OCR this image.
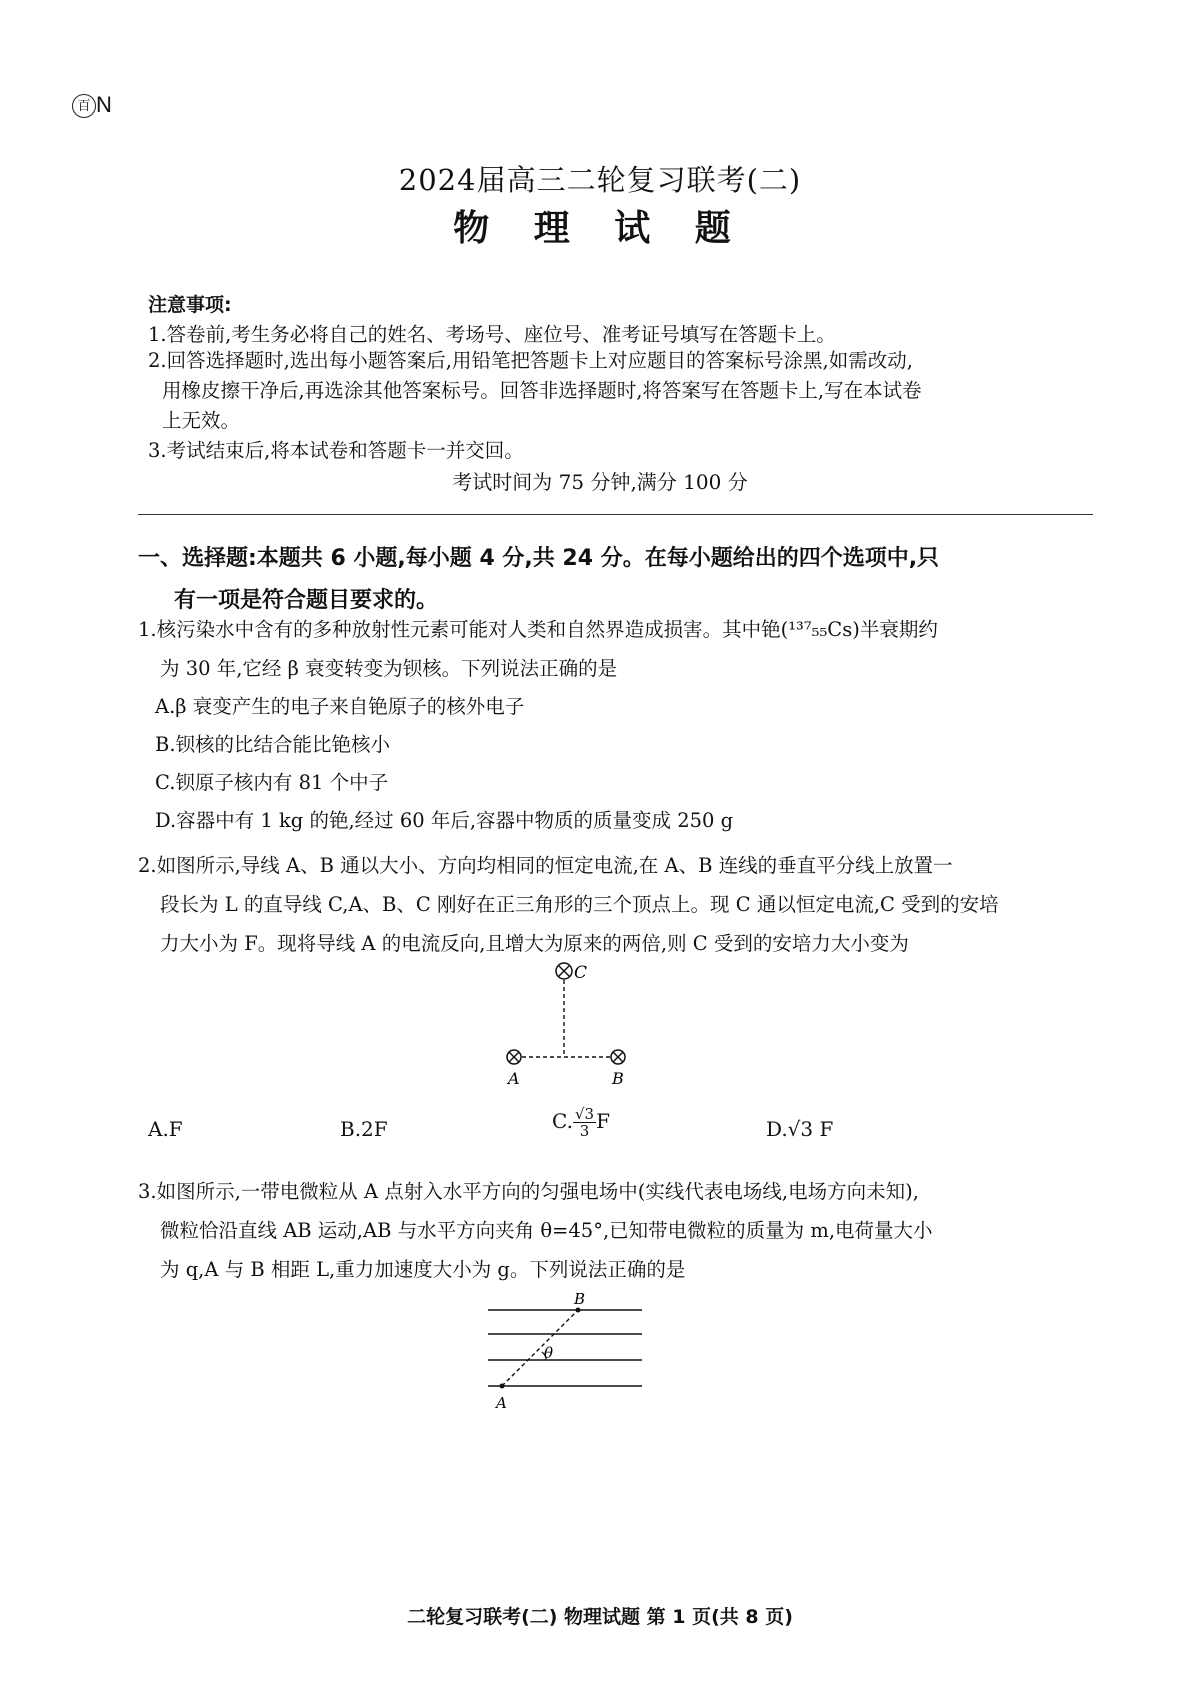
百 N
2024届高三二轮复习联考(二)
物 理 试 题
注意事项:
1.答卷前,考生务必将自己的姓名、考场号、座位号、准考证号填写在答题卡上。
2.回答选择题时,选出每小题答案后,用铅笔把答题卡上对应题目的答案标号涂黑,如需改动,
用橡皮擦干净后,再选涂其他答案标号。回答非选择题时,将答案写在答题卡上,写在本试卷
上无效。
3.考试结束后,将本试卷和答题卡一并交回。
考试时间为 75 分钟,满分 100 分
一、选择题:本题共 6 小题,每小题 4 分,共 24 分。在每小题给出的四个选项中,只
有一项是符合题目要求的。
1.核污染水中含有的多种放射性元素可能对人类和自然界造成损害。其中铯(¹³⁷₅₅Cs)半衰期约
为 30 年,它经 β 衰变转变为钡核。下列说法正确的是
A.β 衰变产生的电子来自铯原子的核外电子
B.钡核的比结合能比铯核小
C.钡原子核内有 81 个中子
D.容器中有 1 kg 的铯,经过 60 年后,容器中物质的质量变成 250 g
2.如图所示,导线 A、B 通以大小、方向均相同的恒定电流,在 A、B 连线的垂直平分线上放置一
段长为 L 的直导线 C,A、B、C 刚好在正三角形的三个顶点上。现 C 通以恒定电流,C 受到的安培
力大小为 F。现将导线 A 的电流反向,且增大为原来的两倍,则 C 受到的安培力大小变为
C
A	B
A.F	B.2F	C. $\frac{√3}{3}$ F	D.√3 F
3.如图所示,一带电微粒从 A 点射入水平方向的匀强电场中(实线代表电场线,电场方向未知),
微粒恰沿直线 AB 运动,AB 与水平方向夹角 θ=45°,已知带电微粒的质量为 m,电荷量大小
为 q,A 与 B 相距 L,重力加速度大小为 g。下列说法正确的是
θ
A
B
二轮复习联考(二) 物理试题 第 1 页(共 8 页)
